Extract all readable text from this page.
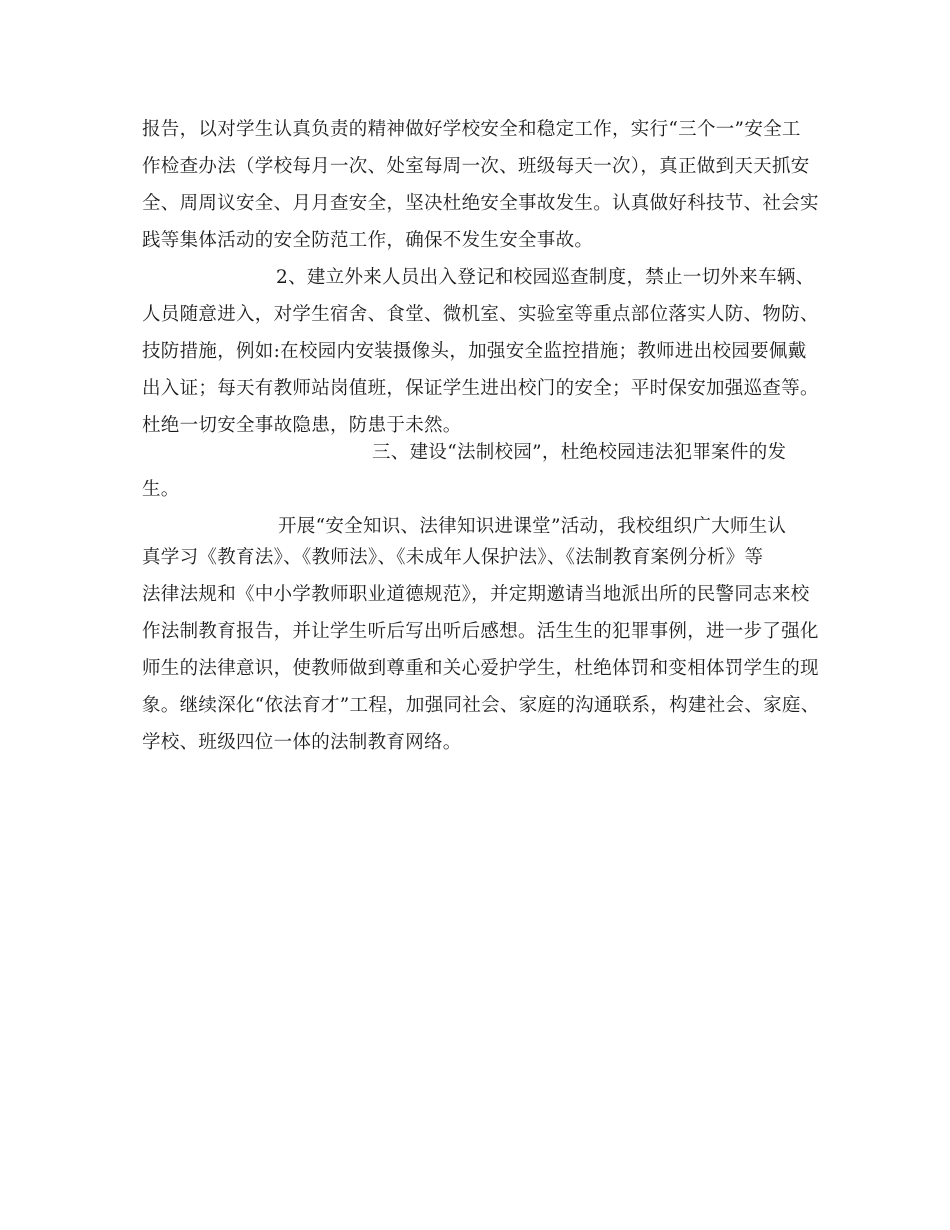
报告，以对学生认真负责的精神做好学校安全和稳定工作，实行“三个一”安全工
作检查办法（学校每月一次、处室每周一次、班级每天一次），真正做到天天抓安
全、周周议安全、月月查安全，坚决杜绝安全事故发生。认真做好科技节、社会实
践等集体活动的安全防范工作，确保不发生安全事故。
2、建立外来人员出入登记和校园巡查制度，禁止一切外来车辆、
人员随意进入，对学生宿舍、食堂、微机室、实验室等重点部位落实人防、物防、
技防措施，例如:在校园内安装摄像头，加强安全监控措施；教师进出校园要佩戴
出入证；每天有教师站岗值班，保证学生进出校门的安全；平时保安加强巡查等。
杜绝一切安全事故隐患，防患于未然。
三、建设“法制校园”，杜绝校园违法犯罪案件的发
生。
开展“安全知识、法律知识进课堂”活动，我校组织广大师生认
真学习《教育法》、《教师法》、《未成年人保护法》、《法制教育案例分析》等
法律法规和《中小学教师职业道德规范》，并定期邀请当地派出所的民警同志来校
作法制教育报告，并让学生听后写出听后感想。活生生的犯罪事例，进一步了强化
师生的法律意识，使教师做到尊重和关心爱护学生，杜绝体罚和变相体罚学生的现
象。继续深化“依法育才”工程，加强同社会、家庭的沟通联系，构建社会、家庭、
学校、班级四位一体的法制教育网络。
